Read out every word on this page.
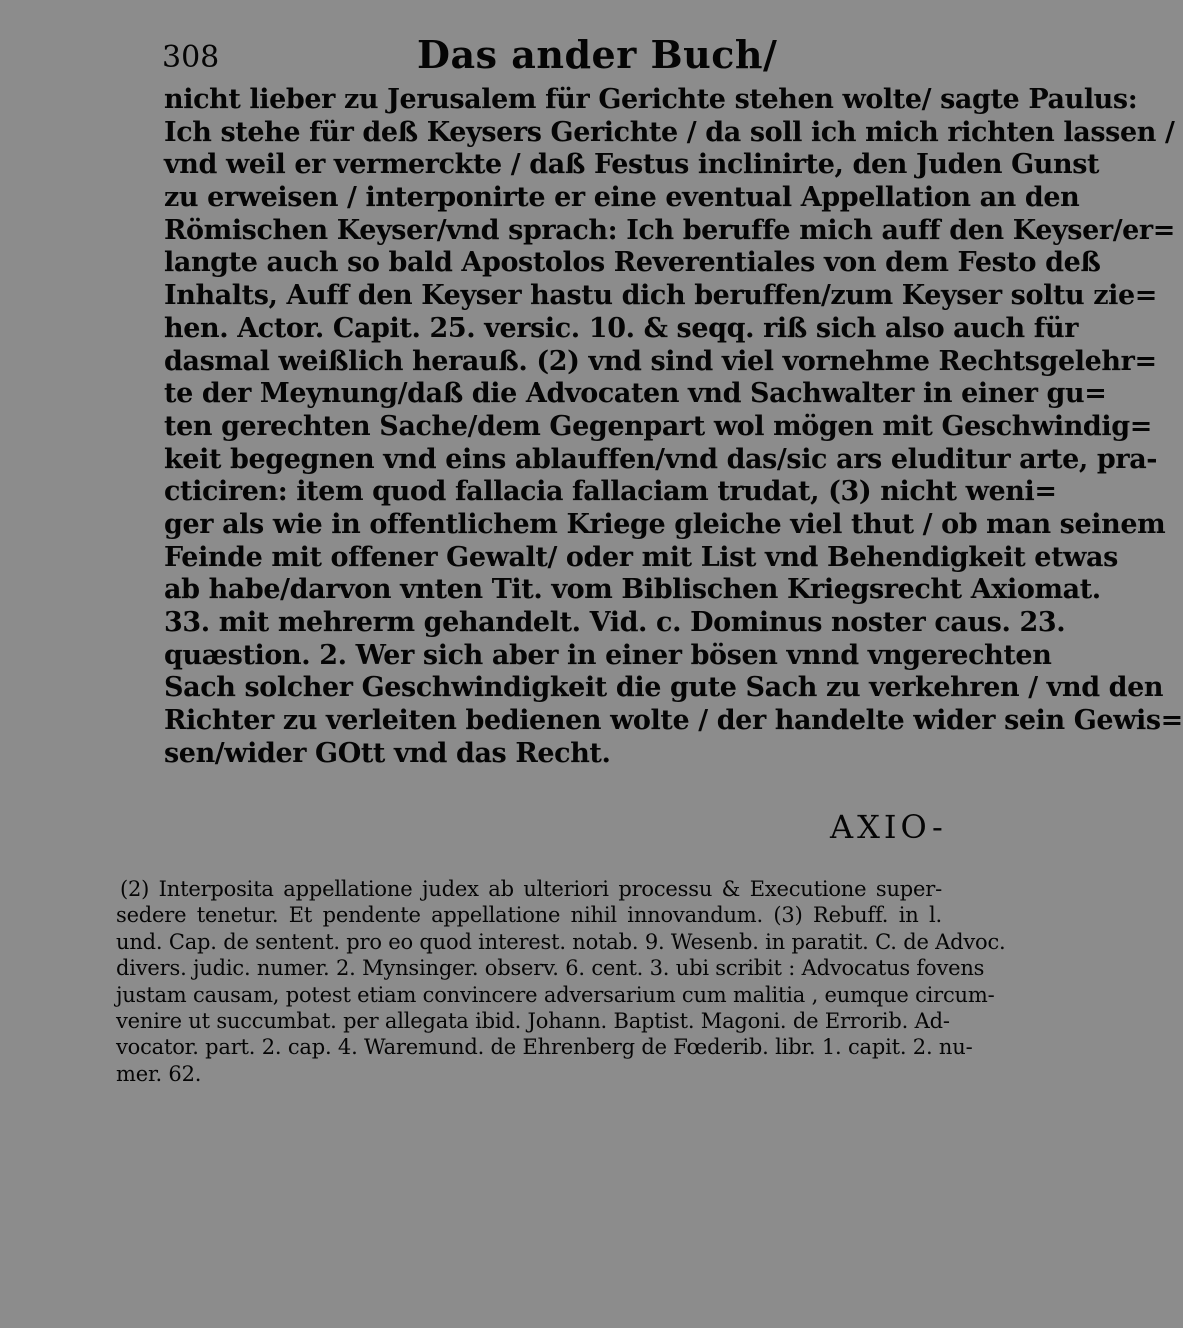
308	Das ander Buch/
nicht lieber zu Jerusalem für Gerichte stehen wolte/ sagte Paulus:
Ich stehe für deß Keysers Gerichte / da soll ich mich richten lassen /
vnd weil er vermerckte / daß Festus inclinirte, den Juden Gunst
zu erweisen / interponirte er eine eventual Appellation an den
Römischen Keyser/vnd sprach: Ich beruffe mich auff den Keyser/er=
langte auch so bald Apostolos Reverentiales von dem Festo deß
Inhalts, Auff den Keyser hastu dich beruffen/zum Keyser soltu zie=
hen. Actor. Capit. 25. versic. 10. & seqq. riß sich also auch für
dasmal weißlich herauß. (2) vnd sind viel vornehme Rechtsgelehr=
te der Meynung/daß die Advocaten vnd Sachwalter in einer gu=
ten gerechten Sache/dem Gegenpart wol mögen mit Geschwindig=
keit begegnen vnd eins ablauffen/vnd das/sic ars eluditur arte, pra-
cticiren: item quod fallacia fallaciam trudat, (3) nicht weni=
ger als wie in offentlichem Kriege gleiche viel thut / ob man seinem
Feinde mit offener Gewalt/ oder mit List vnd Behendigkeit etwas
ab habe/darvon vnten Tit. vom Biblischen Kriegsrecht Axiomat.
33. mit mehrerm gehandelt. Vid. c. Dominus noster caus. 23.
quæstion. 2. Wer sich aber in einer bösen vnnd vngerechten
Sach solcher Geschwindigkeit die gute Sach zu verkehren / vnd den
Richter zu verleiten bedienen wolte / der handelte wider sein Gewis=
sen/wider GOtt vnd das Recht.
AXIO-
(2) Interposita appellatione judex ab ulteriori processu & Executione super-
sedere tenetur. Et pendente appellatione nihil innovandum. (3) Rebuff. in l.
und. Cap. de sentent. pro eo quod interest. notab. 9. Wesenb. in paratit. C. de Advoc.
divers. judic. numer. 2. Mynsinger. observ. 6. cent. 3. ubi scribit : Advocatus fovens
justam causam, potest etiam convincere adversarium cum malitia , eumque circum-
venire ut succumbat. per allegata ibid. Johann. Baptist. Magoni. de Errorib. Ad-
vocator. part. 2. cap. 4. Waremund. de Ehrenberg de Fœderib. libr. 1. capit. 2. nu-
mer. 62.
